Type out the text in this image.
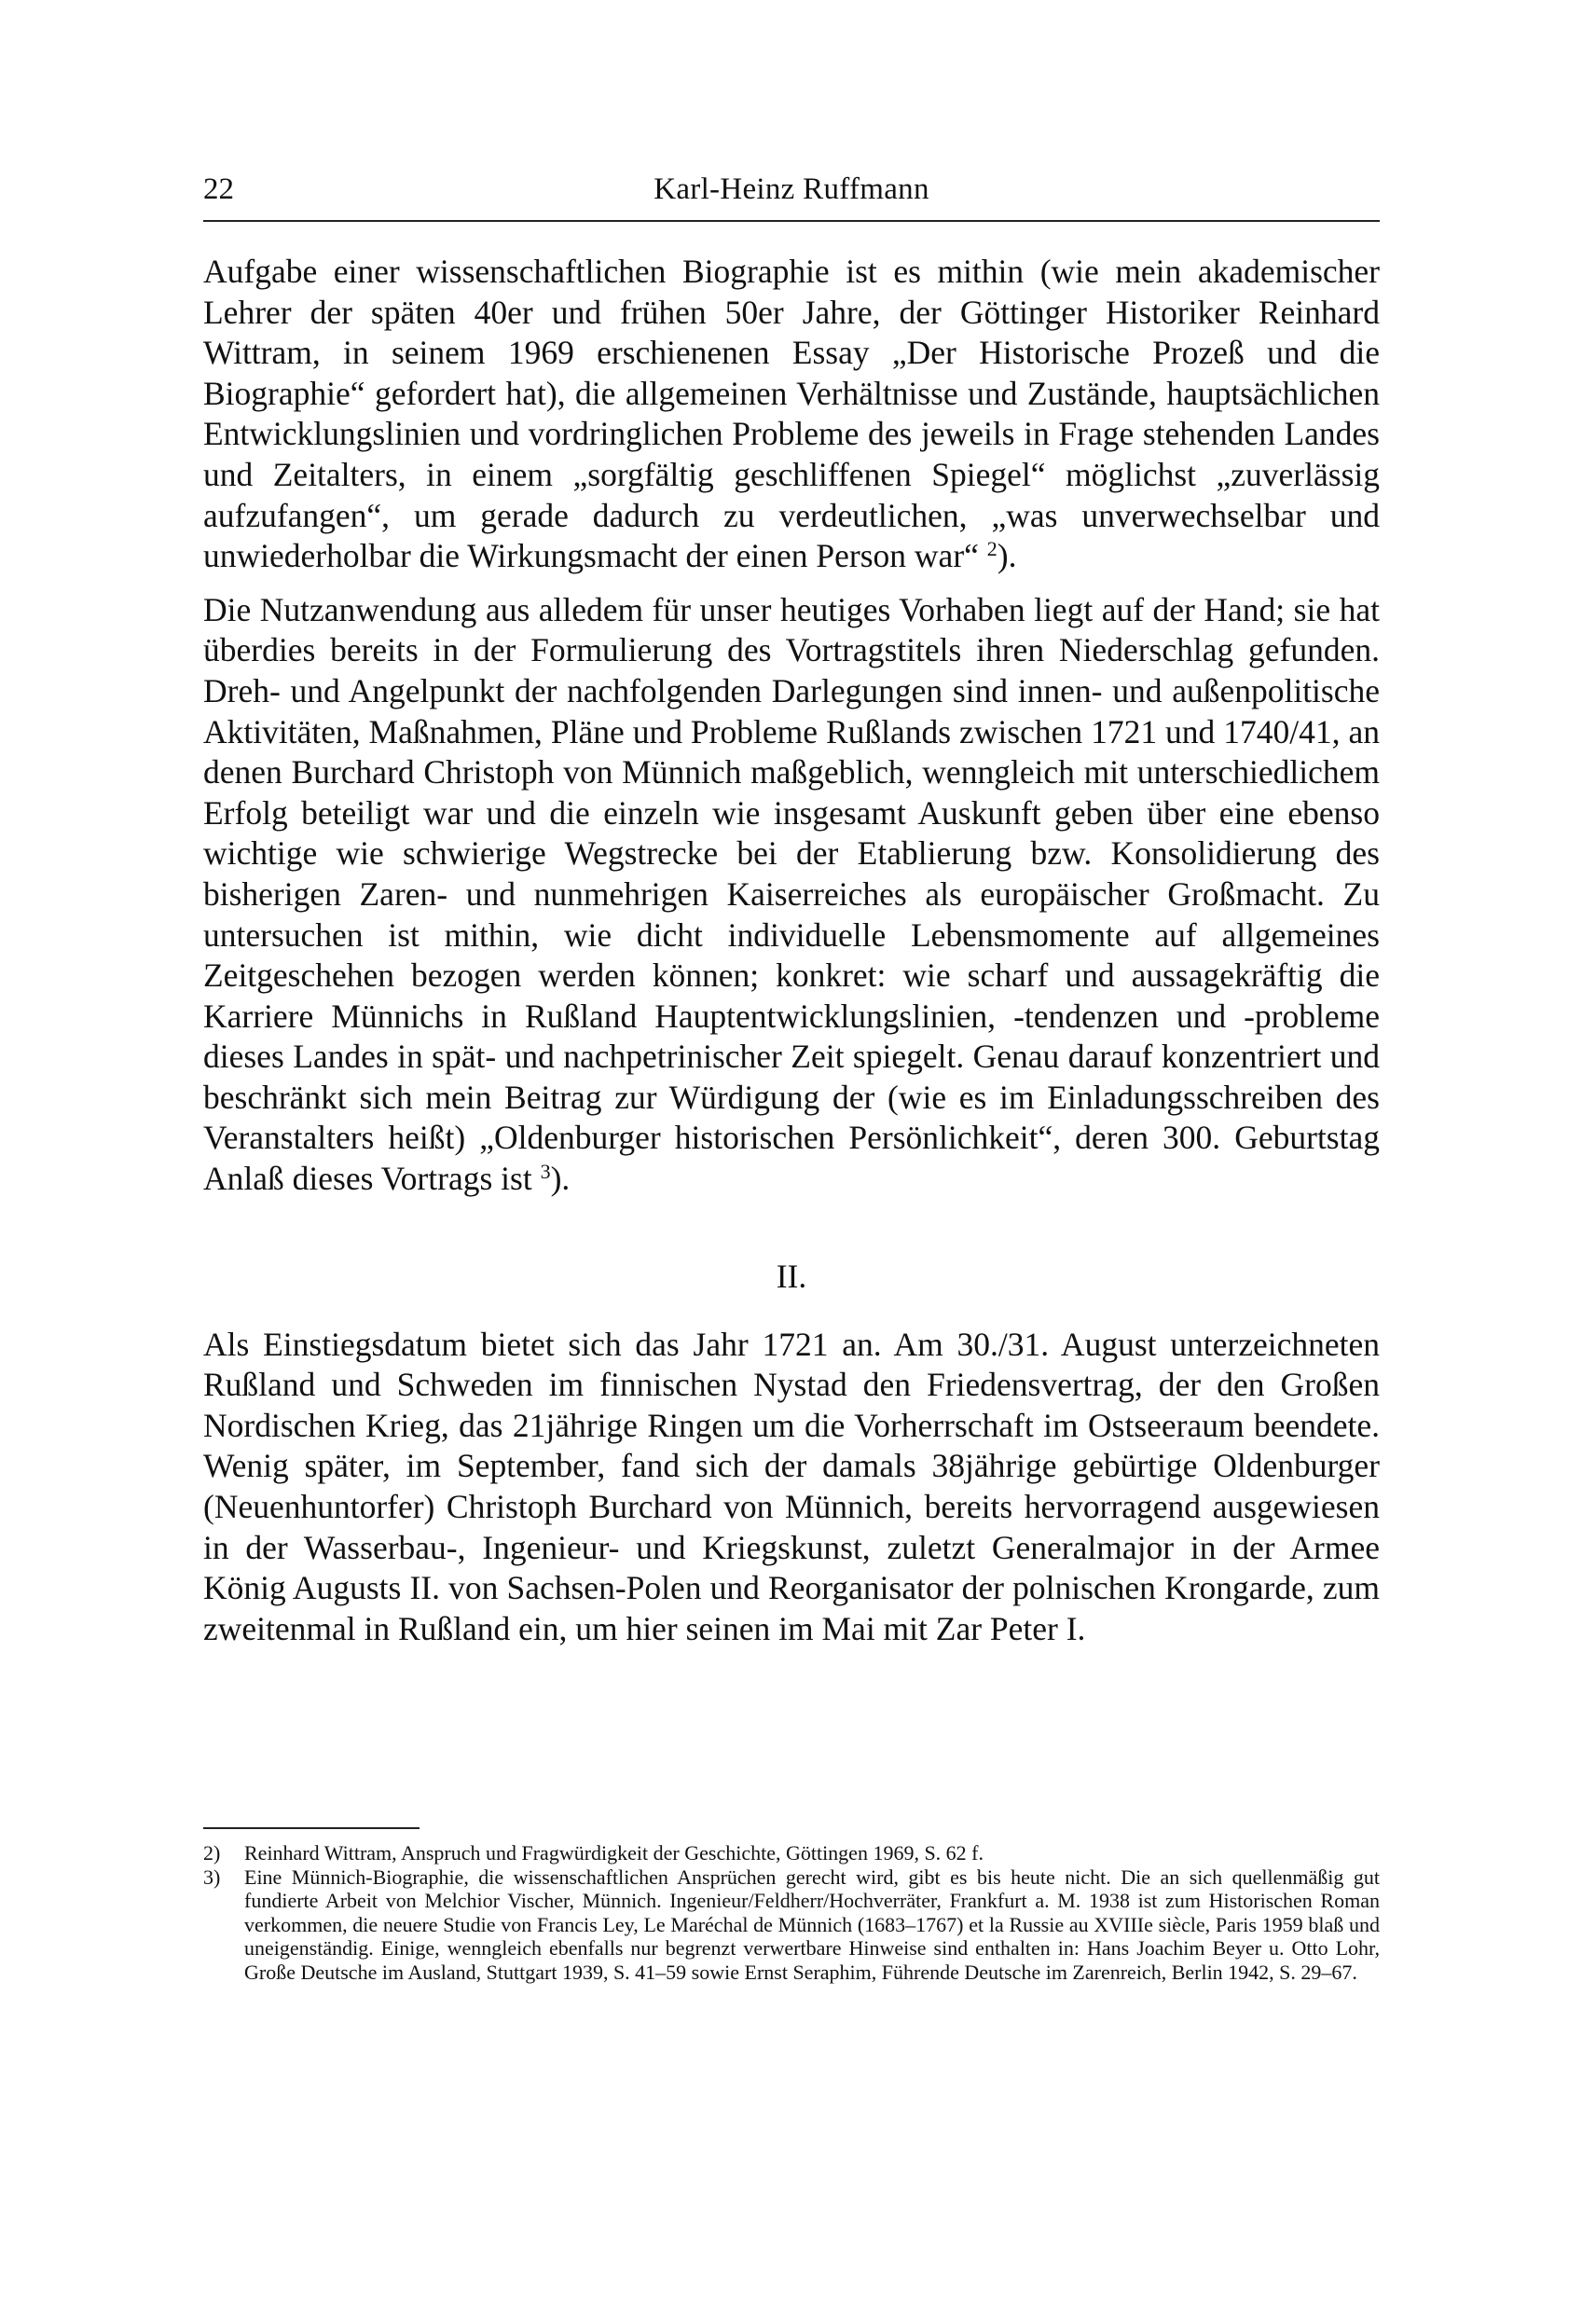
22	Karl-Heinz Ruffmann

Aufgabe einer wissenschaftlichen Biographie ist es mithin (wie mein akademischer Lehrer der späten 40er und frühen 50er Jahre, der Göttinger Historiker Reinhard Wittram, in seinem 1969 erschienenen Essay „Der Historische Prozeß und die Biographie“ gefordert hat), die allgemeinen Verhältnisse und Zustände, hauptsächlichen Entwicklungslinien und vordringlichen Probleme des jeweils in Frage stehenden Landes und Zeitalters, in einem „sorgfältig geschliffenen Spiegel“ möglichst „zuverlässig aufzufangen“, um gerade dadurch zu verdeutlichen, „was unverwechselbar und unwiederholbar die Wirkungsmacht der einen Person war“ $^2$).

Die Nutzanwendung aus alledem für unser heutiges Vorhaben liegt auf der Hand; sie hat überdies bereits in der Formulierung des Vortragstitels ihren Niederschlag gefunden. Dreh- und Angelpunkt der nachfolgenden Darlegungen sind innen- und außenpolitische Aktivitäten, Maßnahmen, Pläne und Probleme Rußlands zwischen 1721 und 1740/41, an denen Burchard Christoph von Münnich maßgeblich, wenngleich mit unterschiedlichem Erfolg beteiligt war und die einzeln wie insgesamt Auskunft geben über eine ebenso wichtige wie schwierige Wegstrecke bei der Etablierung bzw. Konsolidierung des bisherigen Zaren- und nunmehrigen Kaiserreiches als europäischer Großmacht. Zu untersuchen ist mithin, wie dicht individuelle Lebensmomente auf allgemeines Zeitgeschehen bezogen werden können; konkret: wie scharf und aussagekräftig die Karriere Münnichs in Rußland Hauptentwicklungslinien, -tendenzen und -probleme dieses Landes in spät- und nachpetrinischer Zeit spiegelt. Genau darauf konzentriert und beschränkt sich mein Beitrag zur Würdigung der (wie es im Einladungsschreiben des Veranstalters heißt) „Oldenburger historischen Persönlichkeit“, deren 300. Geburtstag Anlaß dieses Vortrags ist $^3$).

II.

Als Einstiegsdatum bietet sich das Jahr 1721 an. Am 30./31. August unterzeichneten Rußland und Schweden im finnischen Nystad den Friedensvertrag, der den Großen Nordischen Krieg, das 21jährige Ringen um die Vorherrschaft im Ostseeraum beendete. Wenig später, im September, fand sich der damals 38jährige gebürtige Oldenburger (Neuenhuntorfer) Christoph Burchard von Münnich, bereits hervorragend ausgewiesen in der Wasserbau-, Ingenieur- und Kriegskunst, zuletzt Generalmajor in der Armee König Augusts II. von Sachsen-Polen und Reorganisator der polnischen Krongarde, zum zweitenmal in Rußland ein, um hier seinen im Mai mit Zar Peter I.

2) Reinhard Wittram, Anspruch und Fragwürdigkeit der Geschichte, Göttingen 1969, S. 62 f.

3) Eine Münnich-Biographie, die wissenschaftlichen Ansprüchen gerecht wird, gibt es bis heute nicht. Die an sich quellenmäßig gut fundierte Arbeit von Melchior Vischer, Münnich. Ingenieur/Feldherr/Hochverräter, Frankfurt a. M. 1938 ist zum Historischen Roman verkommen, die neuere Studie von Francis Ley, Le Maréchal de Münnich (1683–1767) et la Russie au XVIIIe siècle, Paris 1959 blaß und uneigenständig. Einige, wenngleich ebenfalls nur begrenzt verwertbare Hinweise sind enthalten in: Hans Joachim Beyer u. Otto Lohr, Große Deutsche im Ausland, Stuttgart 1939, S. 41–59 sowie Ernst Seraphim, Führende Deutsche im Zarenreich, Berlin 1942, S. 29–67.
